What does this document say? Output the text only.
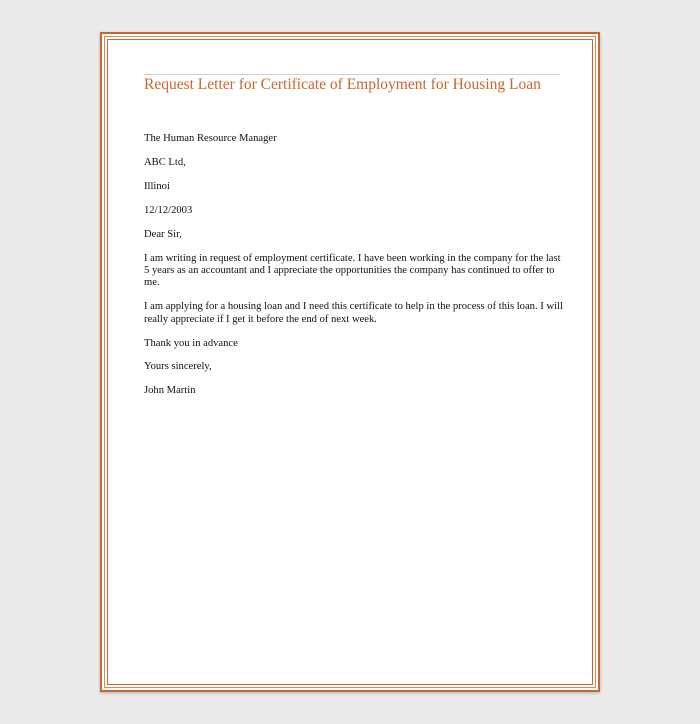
Request Letter for Certificate of Employment for Housing Loan

The Human Resource Manager

ABC Ltd,

Illinoi

12/12/2003

Dear Sir,

I am writing in request of employment certificate. I have been working in the company for the last 5 years as an accountant and I appreciate the opportunities the company has continued to offer to me.

I am applying for a housing loan and I need this certificate to help in the process of this loan. I will really appreciate if I get it before the end of next week.

Thank you in advance

Yours sincerely,

John Martin
